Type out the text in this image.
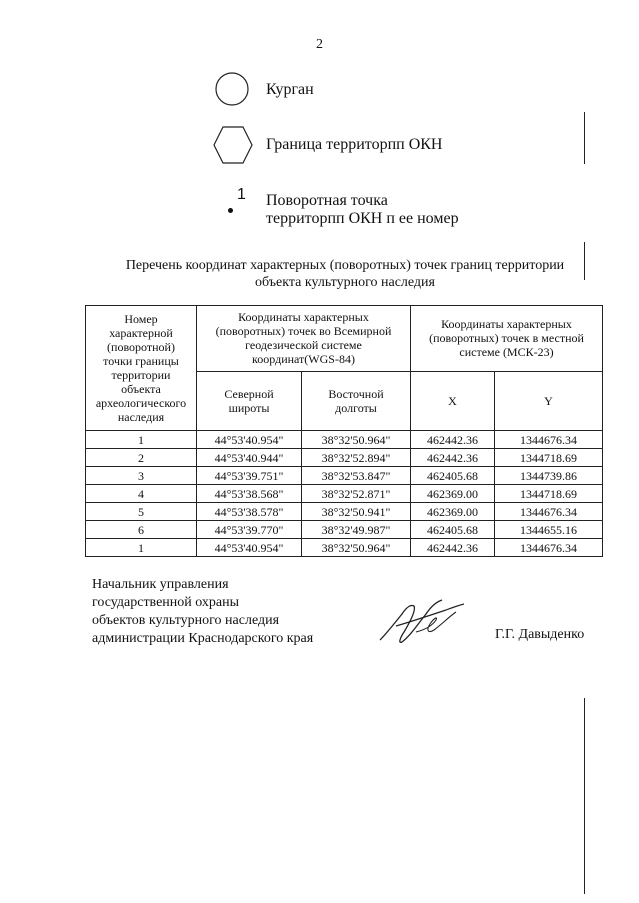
2
Курган
Граница территорпп ОКН
1 Поворотная точка
территорпп ОКН п ее номер
Перечень координат характерных (поворотных) точек границ территории
объекта культурного наследия
Номер характерной (поворотной) точки границы территории объекта археологического наследия	Координаты характерных (поворотных) точек во Всемирной геодезической системе координат(WGS-84)		Координаты характерных (поворотных) точек в местной системе (МСК-23)	
	Северной широты	Восточной долготы	X	Y
1	44°53'40.954"	38°32'50.964"	462442.36	1344676.34
2	44°53'40.944"	38°32'52.894"	462442.36	1344718.69
3	44°53'39.751"	38°32'53.847"	462405.68	1344739.86
4	44°53'38.568"	38°32'52.871"	462369.00	1344718.69
5	44°53'38.578"	38°32'50.941"	462369.00	1344676.34
6	44°53'39.770"	38°32'49.987"	462405.68	1344655.16
1	44°53'40.954"	38°32'50.964"	462442.36	1344676.34
Начальник управления
государственной охраны
объектов культурного наследия
администрации Краснодарского края	Г.Г. Давыденко
